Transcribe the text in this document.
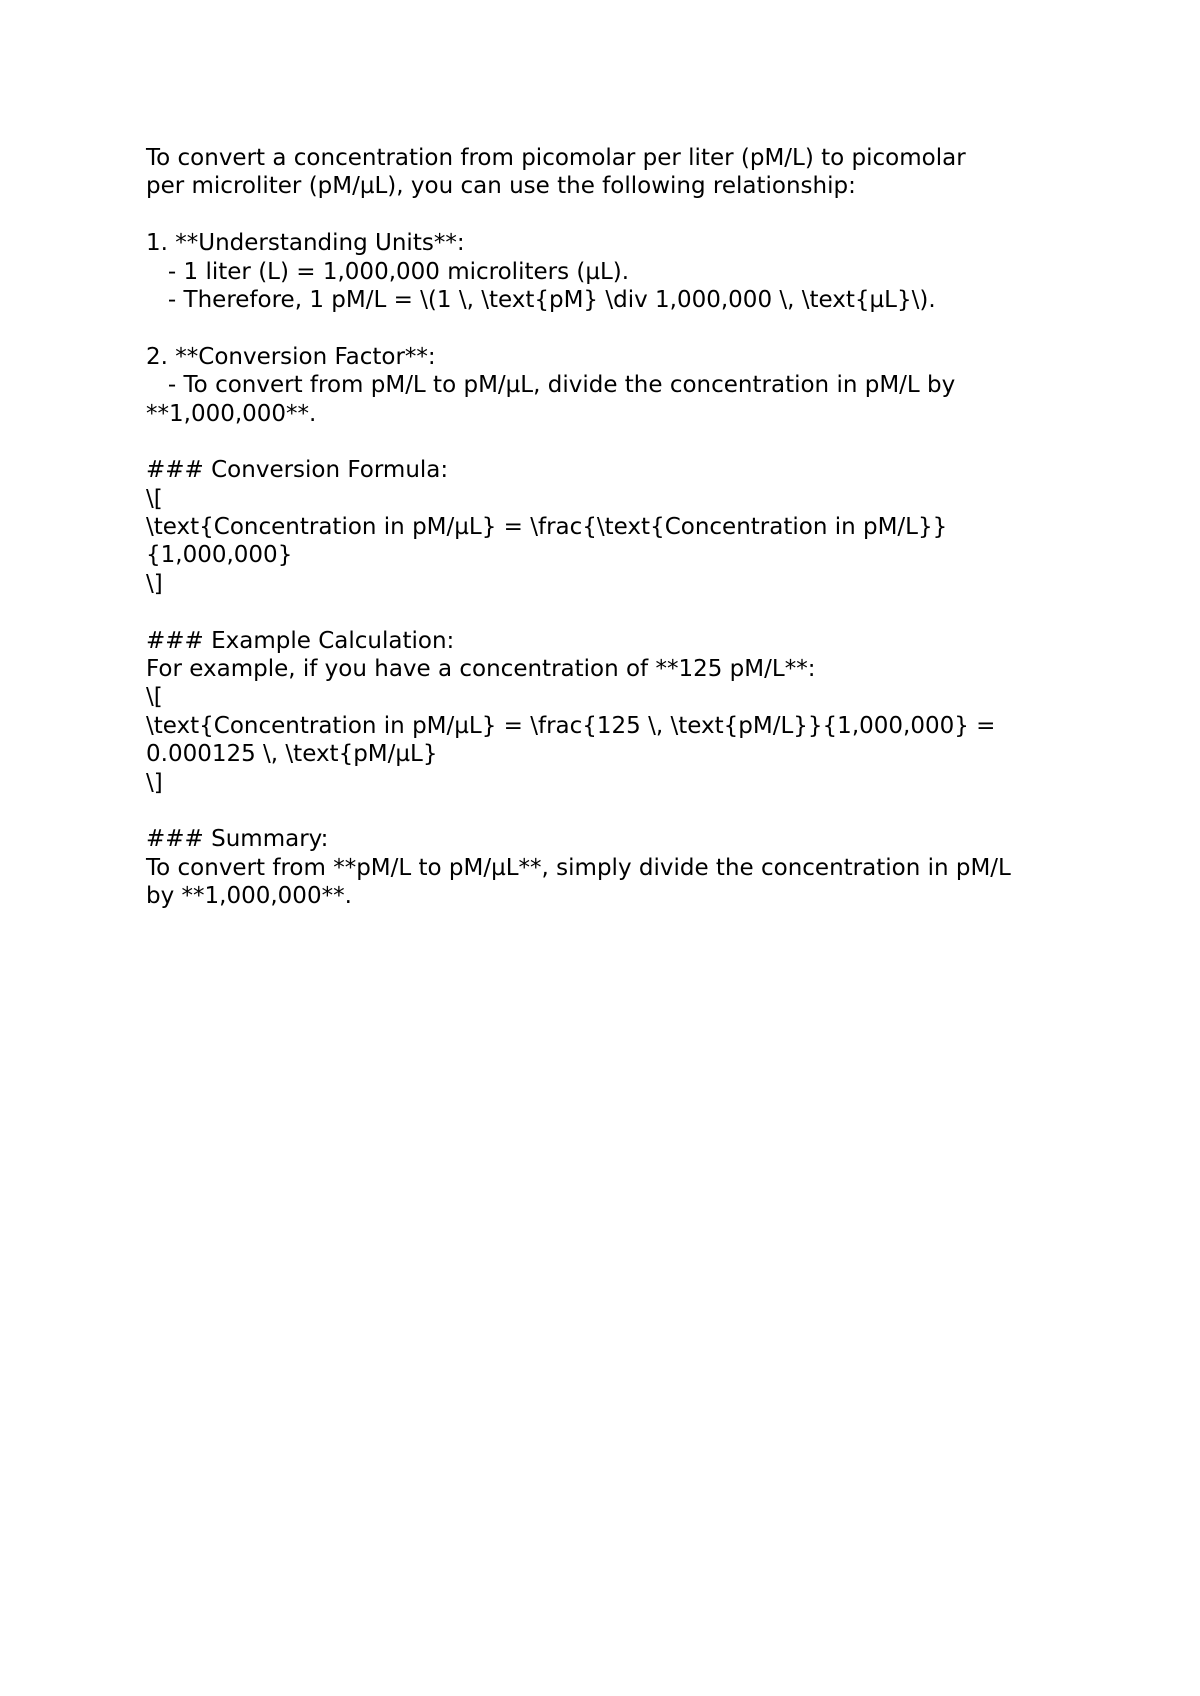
To convert a concentration from picomolar per liter (pM/L) to picomolar
per microliter (pM/µL), you can use the following relationship:
1. **Understanding Units**:
- 1 liter (L) = 1,000,000 microliters (µL).
- Therefore, 1 pM/L = \(1 \, \text{pM} \div 1,000,000 \, \text{µL}\).
2. **Conversion Factor**:
- To convert from pM/L to pM/µL, divide the concentration in pM/L by
**1,000,000**.
### Conversion Formula:
\[
\text{Concentration in pM/µL} = \frac{\text{Concentration in pM/L}}
{1,000,000}
\]
### Example Calculation:
For example, if you have a concentration of **125 pM/L**:
\[
\text{Concentration in pM/µL} = \frac{125 \, \text{pM/L}}{1,000,000} =
0.000125 \, \text{pM/µL}
\]
### Summary:
To convert from **pM/L to pM/µL**, simply divide the concentration in pM/L
by **1,000,000**.
